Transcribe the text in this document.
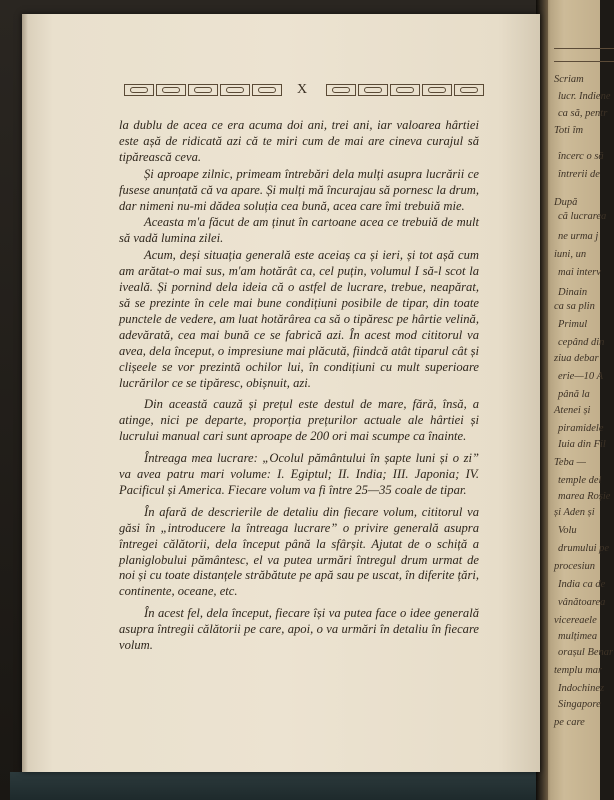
Scriam
lucr. Indiene
ca să, pentr
Toti îm
încerc o să
întrerii de
După
că lucrarea
ne urma j
iuni, un
mai interv
Dinain
ca sa plin
Primul
cepând din
ziua debar
erie—10 A
până la
Atenei și
piramidele
Iuia din Fil
Teba —
temple del
marea Roșie
și Aden și
Volu
drumului pe
procesiun
India ca de
vânătoarea
vicereaele
mulțimea
orașul Benar
templu mar
Indochinez
Singapore
pe care
X

la dublu de acea ce era acuma doi ani, trei ani, iar valoarea hârtiei este așă de ridicată azi că te miri cum de mai are cineva curajul să tipărească ceva.

Și aproape zilnic, primeam întrebări dela mulți asupra lucrării ce fusese anunțată că va apare. Și mulți mă încurajau să pornesc la drum, dar nimeni nu-mi dădea soluția cea bună, acea care îmi trebuiă mie.

Aceasta m'a făcut de am ținut în cartoane acea ce trebuiă de mult să vadă lumina zilei.

Acum, deși situația generală este aceiaș ca și ieri, și tot așă cum am arătat-o mai sus, m'am hotărât ca, cel puțin, volumul I să-l scot la iveală. Și pornind dela ideia că o astfel de lucrare, trebue, neapărat, să se prezinte în cele mai bune condițiuni posibile de tipar, din toate punctele de vedere, am luat hotărârea ca să o tipăresc pe hârtie velină, adevărată, cea mai bună ce se fabrică azi. În acest mod cititorul va avea, dela început, o impresiune mai plăcută, fiindcă atât tiparul cât și clișeele se vor prezintă ochilor lui, în condițiuni cu mult superioare lucrărilor ce se tipăresc, obișnuit, azi.

Din această cauză și prețul este destul de mare, fără, însă, a atinge, nici pe departe, proporția prețurilor actuale ale hârtiei și lucrului manual cari sunt aproape de 200 ori mai scumpe ca înainte.

Întreaga mea lucrare: „Ocolul pământului în șapte luni și o zi” va avea patru mari volume: I. Egiptul; II. India; III. Japonia; IV. Pacificul și America. Fiecare volum va fi între 25—35 coale de tipar.

În afară de descrierile de detaliu din fiecare volum, cititorul va găsi în „introducere la întreaga lucrare” o privire generală asupra întregei călătorii, dela început până la sfârșit. Ajutat de o schiță a planiglobului pământesc, el va putea urmări întregul drum urmat de noi și cu toate distanțele străbătute pe apă sau pe uscat, în diferite țări, continente, oceane, etc.

În acest fel, dela început, fiecare își va putea face o idee generală asupra întregii călătorii pe care, apoi, o va urmări în detaliu în fiecare volum.
